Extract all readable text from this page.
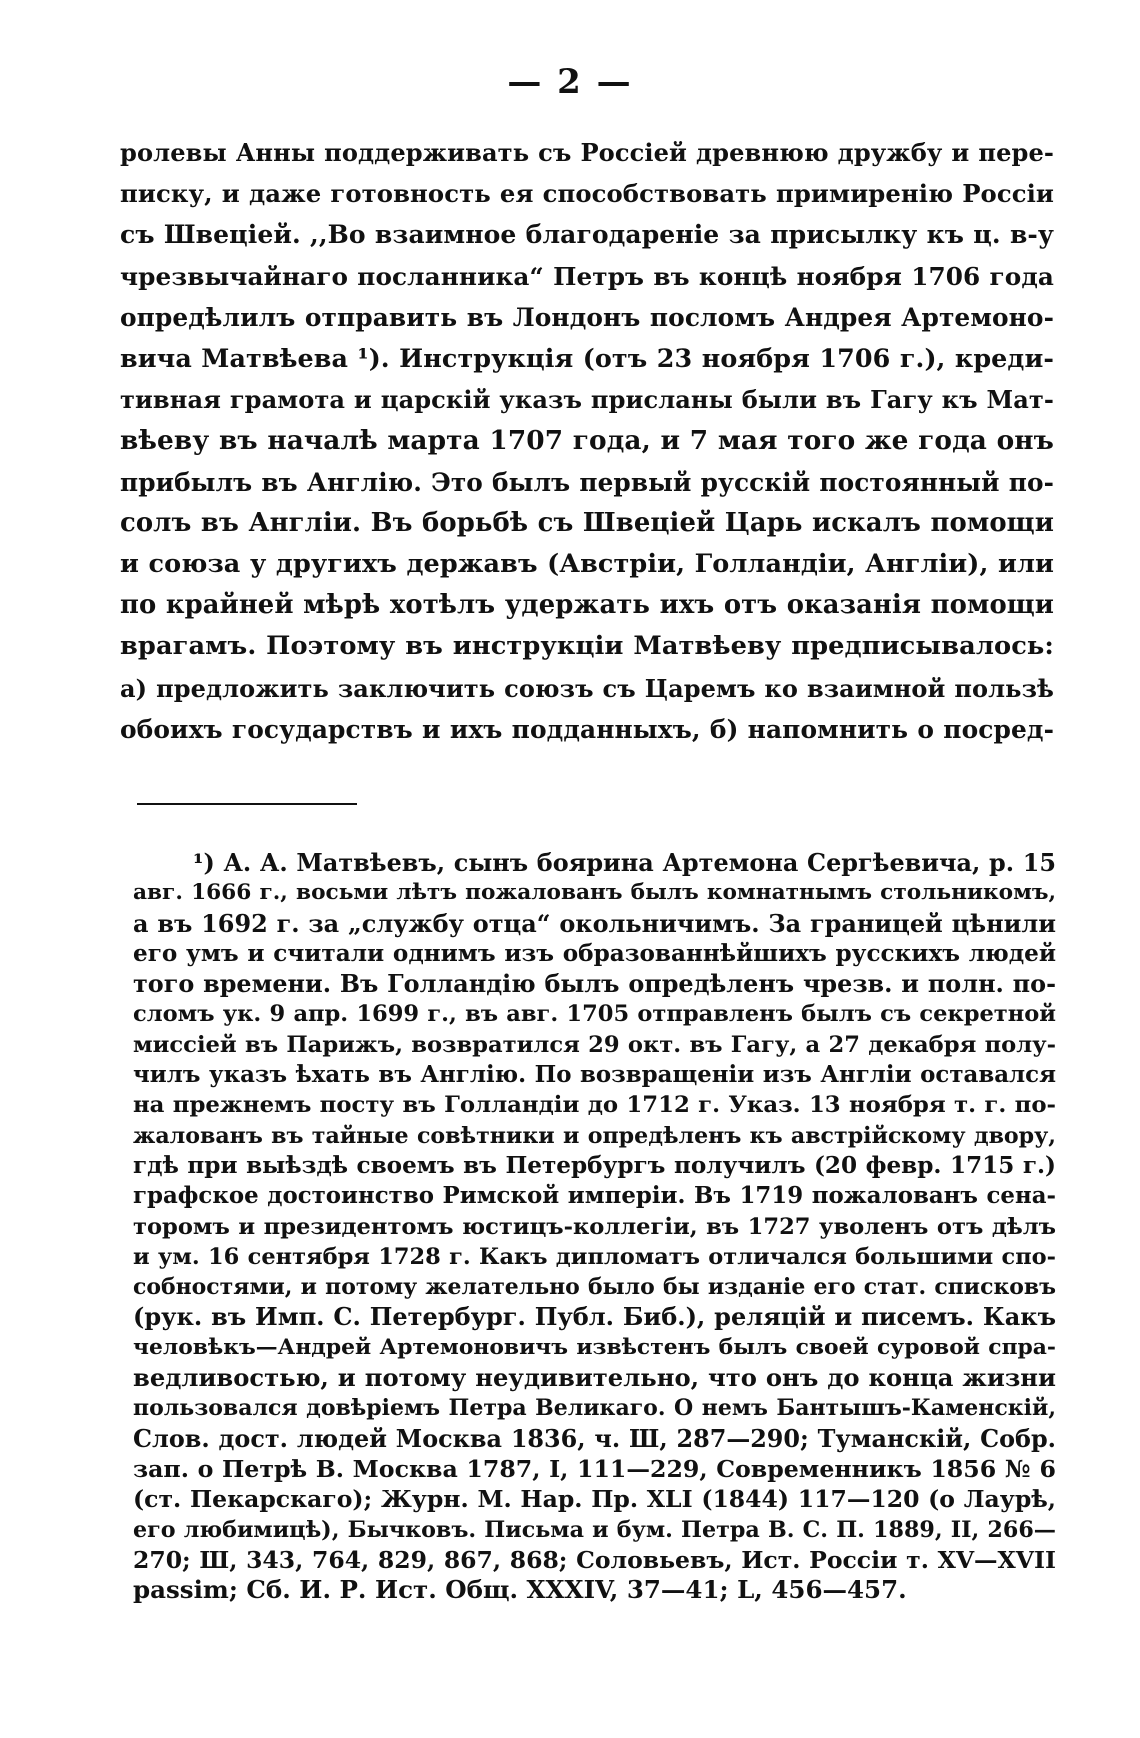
— 2 —
ролевы Анны поддерживать съ Россіей древнюю дружбу и пере-
писку, и даже готовность ея способствовать примиренію Россіи
съ Швеціей. ,,Во взаимное благодареніе за присылку къ ц. в-у
чрезвычайнаго посланника“ Петръ въ концѣ ноября 1706 года
опредѣлилъ отправить въ Лондонъ посломъ Андрея Артемоно-
вича Матвѣева ¹). Инструкція (отъ 23 ноября 1706 г.), креди-
тивная грамота и царскій указъ присланы были въ Гагу къ Мат-
вѣеву въ началѣ марта 1707 года, и 7 мая того же года онъ
прибылъ въ Англію. Это былъ первый русскій постоянный по-
солъ въ Англіи. Въ борьбѣ съ Швеціей Царь искалъ помощи
и союза у другихъ державъ (Австріи, Голландіи, Англіи), или
по крайней мѣрѣ хотѣлъ удержать ихъ отъ оказанія помощи
врагамъ. Поэтому въ инструкціи Матвѣеву предписывалось:
а) предложить заключить союзъ съ Царемъ ко взаимной пользѣ
обоихъ государствъ и ихъ подданныхъ, б) напомнить о посред-
¹) А. А. Матвѣевъ, сынъ боярина Артемона Сергѣевича, р. 15
авг. 1666 г., восьми лѣтъ пожалованъ былъ комнатнымъ стольникомъ,
а въ 1692 г. за „службу отца“ окольничимъ. За границей цѣнили
его умъ и считали однимъ изъ образованнѣйшихъ русскихъ людей
того времени. Въ Голландію былъ опредѣленъ чрезв. и полн. по-
сломъ ук. 9 апр. 1699 г., въ авг. 1705 отправленъ былъ съ секретной
миссіей въ Парижъ, возвратился 29 окт. въ Гагу, а 27 декабря полу-
чилъ указъ ѣхать въ Англію. По возвращеніи изъ Англіи оставался
на прежнемъ посту въ Голландіи до 1712 г. Указ. 13 ноября т. г. по-
жалованъ въ тайные совѣтники и опредѣленъ къ австрійскому двору,
гдѣ при выѣздѣ своемъ въ Петербургъ получилъ (20 февр. 1715 г.)
графское достоинство Римской имперіи. Въ 1719 пожалованъ сена-
торомъ и президентомъ юстицъ-коллегіи, въ 1727 уволенъ отъ дѣлъ
и ум. 16 сентября 1728 г. Какъ дипломатъ отличался большими спо-
собностями, и потому желательно было бы изданіе его стат. списковъ
(рук. въ Имп. С. Петербург. Публ. Биб.), реляцій и писемъ. Какъ
человѣкъ—Андрей Артемоновичъ извѣстенъ былъ своей суровой спра-
ведливостью, и потому неудивительно, что онъ до конца жизни
пользовался довѣріемъ Петра Великаго. О немъ Бантышъ-Каменскій,
Слов. дост. людей Москва 1836, ч. Ш, 287—290; Туманскій, Собр.
зап. о Петрѣ В. Москва 1787, I, 111—229, Современникъ 1856 № 6
(ст. Пекарскаго); Журн. М. Нар. Пр. XLI (1844) 117—120 (о Лаурѣ,
его любимицѣ), Бычковъ. Письма и бум. Петра В. С. П. 1889, II, 266—
270; Ш, 343, 764, 829, 867, 868; Соловьевъ, Ист. Россіи т. XV—XVII
passim; Сб. И. Р. Ист. Общ. XXXIV, 37—41; L, 456—457.
